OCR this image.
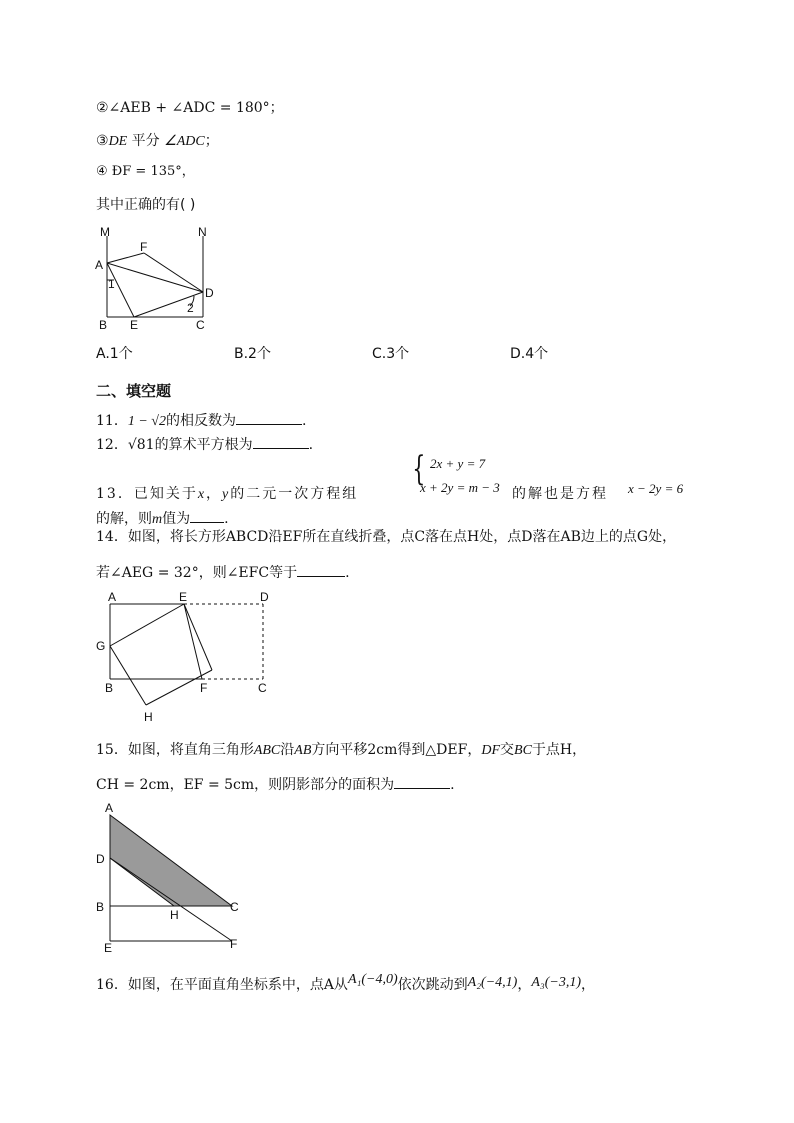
②∠AEB + ∠ADC = 180°；
③DE 平分 ∠ADC；
④ ÐF = 135°，
其中正确的有( )
M	N
F
A
1
D
2
B E	C
A.1个	B.2个	C.3个	D.4个
二、填空题
11．1 − √2的相反数为	.
12．√81的算术平方根为	.
13．已知关于x，y的二元一次方程组
{ 2x + y = 7
x + 2y = m − 3 的解也是方程 x − 2y = 6
的解，则m值为 .
14．如图，将长方形ABCD沿EF所在直线折叠，点C落在点H处，点D落在AB边上的点G处，
若∠AEG = 32°，则∠EFC等于	.
A	E	D
G
B	F	C
H
15．如图，将直角三角形ABC沿AB方向平移2cm得到△DEF，DF交BC于点H，
CH = 2cm，EF = 5cm，则阴影部分的面积为	.
A
D
B
H
C
E	F
16．如图，在平面直角坐标系中，点A从A₁(−4,0)依次跳动到A₂(−4,1)，A₃(−3,1)，
